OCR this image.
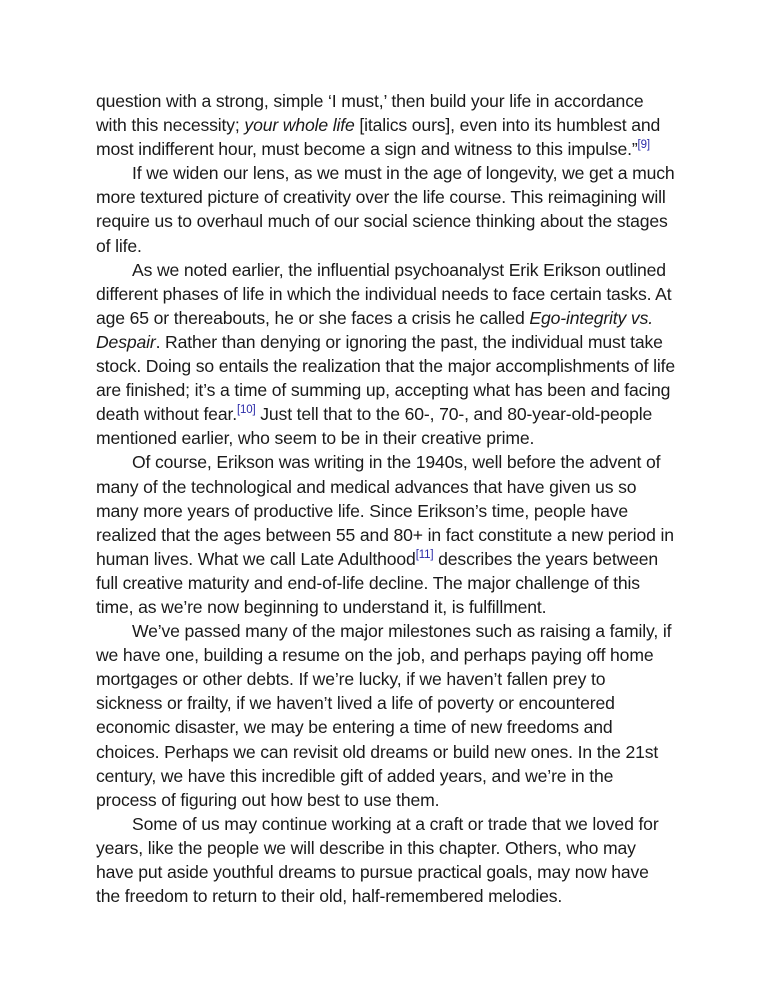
question with a strong, simple ‘I must,’ then build your life in accordance with this necessity; your whole life [italics ours], even into its humblest and most indifferent hour, must become a sign and witness to this impulse.”[9]

If we widen our lens, as we must in the age of longevity, we get a much more textured picture of creativity over the life course. This reimagining will require us to overhaul much of our social science thinking about the stages of life.

As we noted earlier, the influential psychoanalyst Erik Erikson outlined different phases of life in which the individual needs to face certain tasks. At age 65 or thereabouts, he or she faces a crisis he called Ego-integrity vs. Despair. Rather than denying or ignoring the past, the individual must take stock. Doing so entails the realization that the major accomplishments of life are finished; it’s a time of summing up, accepting what has been and facing death without fear.[10] Just tell that to the 60-, 70-, and 80-year-old-people mentioned earlier, who seem to be in their creative prime.

Of course, Erikson was writing in the 1940s, well before the advent of many of the technological and medical advances that have given us so many more years of productive life. Since Erikson’s time, people have realized that the ages between 55 and 80+ in fact constitute a new period in human lives. What we call Late Adulthood[11] describes the years between full creative maturity and end-of-life decline. The major challenge of this time, as we’re now beginning to understand it, is fulfillment.

We’ve passed many of the major milestones such as raising a family, if we have one, building a resume on the job, and perhaps paying off home mortgages or other debts. If we’re lucky, if we haven’t fallen prey to sickness or frailty, if we haven’t lived a life of poverty or encountered economic disaster, we may be entering a time of new freedoms and choices. Perhaps we can revisit old dreams or build new ones. In the 21st century, we have this incredible gift of added years, and we’re in the process of figuring out how best to use them.

Some of us may continue working at a craft or trade that we loved for years, like the people we will describe in this chapter. Others, who may have put aside youthful dreams to pursue practical goals, may now have the freedom to return to their old, half-remembered melodies.
